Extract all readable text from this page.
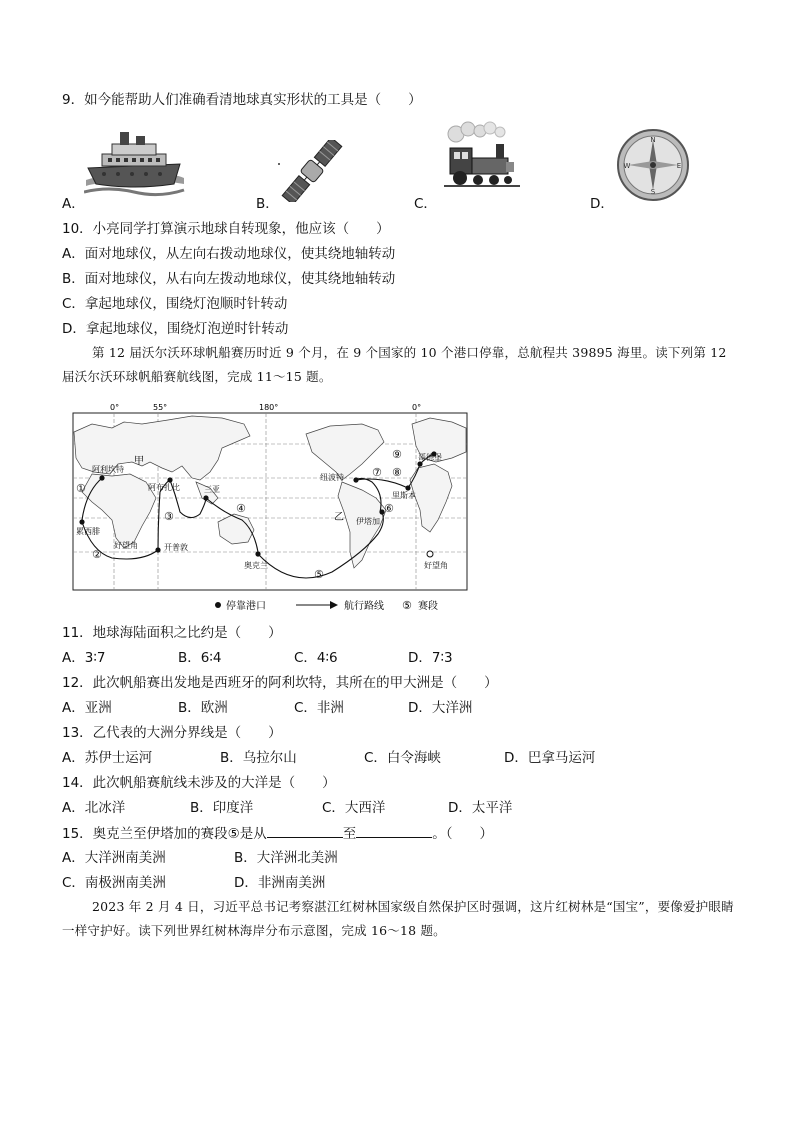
9．如今能帮助人们准确看清地球真实形状的工具是（　　）
A．	B．	C．	D．
N
E
S
W
10．小亮同学打算演示地球自转现象，他应该（　　）
A．面对地球仪，从左向右拨动地球仪，使其绕地轴转动
B．面对地球仪，从右向左拨动地球仪，使其绕地轴转动
C．拿起地球仪，围绕灯泡顺时针转动
D．拿起地球仪，围绕灯泡逆时针转动
第 12 届沃尔沃环球帆船赛历时近 9 个月，在 9 个国家的 10 个港口停靠，总航程共 39895 海里。读下列第 12 届沃尔沃环球帆船赛航线图，完成 11～15 题。
0°	55°	180°	0°
阿利坎特
阿布扎比	三亚
开普敦
奥克兰
伊塔加
纽波特
里斯本
哥德堡
累西腓
好望角
好望角
甲
乙
①
②
③
④
⑤
⑥
⑦ ⑧
⑨
停靠港口	航行路线 ⑤ 赛段
11．地球海陆面积之比约是（　　）
A．3∶7	B．6∶4	C．4∶6	D．7∶3
12．此次帆船赛出发地是西班牙的阿利坎特，其所在的甲大洲是（　　）
A．亚洲	B．欧洲	C．非洲	D．大洋洲
13．乙代表的大洲分界线是（　　）
A．苏伊士运河	B．乌拉尔山	C．白令海峡	D．巴拿马运河
14．此次帆船赛航线未涉及的大洋是（　　）
A．北冰洋	B．印度洋	C．大西洋	D．太平洋
15．奥克兰至伊塔加的赛段⑤是从	至	。（　　）
A．大洋洲南美洲	B．大洋洲北美洲
C．南极洲南美洲	D．非洲南美洲
2023 年 2 月 4 日，习近平总书记考察湛江红树林国家级自然保护区时强调，这片红树林是“国宝”，要像爱护眼睛一样守护好。读下列世界红树林海岸分布示意图，完成 16～18 题。
